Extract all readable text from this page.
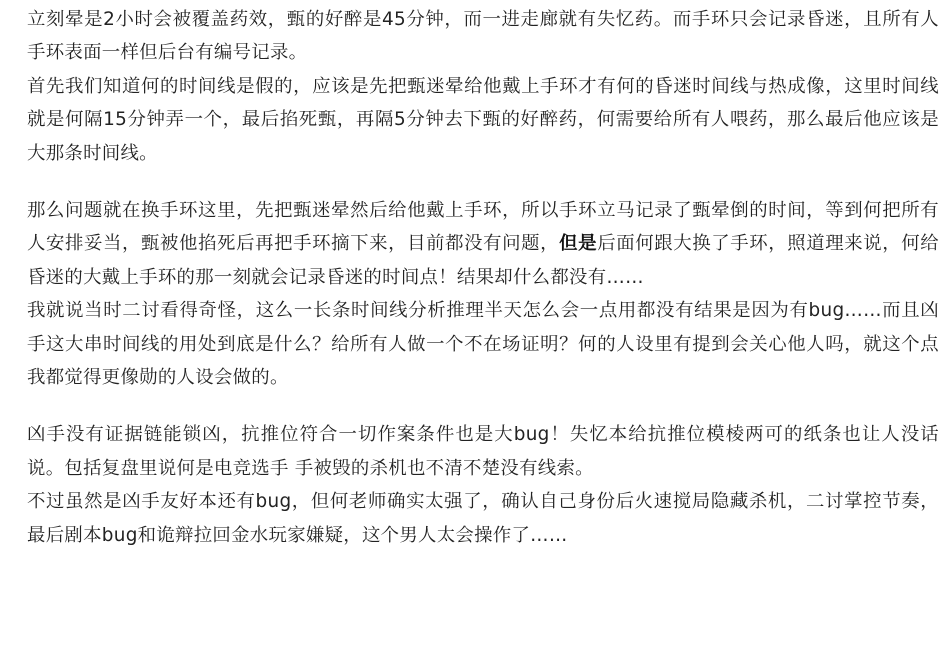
立刻晕是2小时会被覆盖药效，甄的好醉是45分钟，而一进走廊就有失忆药。而手环只会记录昏迷，且所有人手环表面一样但后台有编号记录。

首先我们知道何的时间线是假的，应该是先把甄迷晕给他戴上手环才有何的昏迷时间线与热成像，这里时间线就是何隔15分钟弄一个，最后掐死甄，再隔5分钟去下甄的好醉药，何需要给所有人喂药，那么最后他应该是大那条时间线。

那么问题就在换手环这里，先把甄迷晕然后给他戴上手环，所以手环立马记录了甄晕倒的时间，等到何把所有人安排妥当，甄被他掐死后再把手环摘下来，目前都没有问题，但是后面何跟大换了手环，照道理来说，何给昏迷的大戴上手环的那一刻就会记录昏迷的时间点！结果却什么都没有……

我就说当时二讨看得奇怪，这么一长条时间线分析推理半天怎么会一点用都没有结果是因为有bug……而且凶手这大串时间线的用处到底是什么？给所有人做一个不在场证明？何的人设里有提到会关心他人吗，就这个点我都觉得更像勋的人设会做的。

凶手没有证据链能锁凶，抗推位符合一切作案条件也是大bug！失忆本给抗推位模棱两可的纸条也让人没话说。包括复盘里说何是电竞选手 手被毁的杀机也不清不楚没有线索。

不过虽然是凶手友好本还有bug，但何老师确实太强了，确认自己身份后火速搅局隐藏杀机，二讨掌控节奏，最后剧本bug和诡辩拉回金水玩家嫌疑，这个男人太会操作了……
